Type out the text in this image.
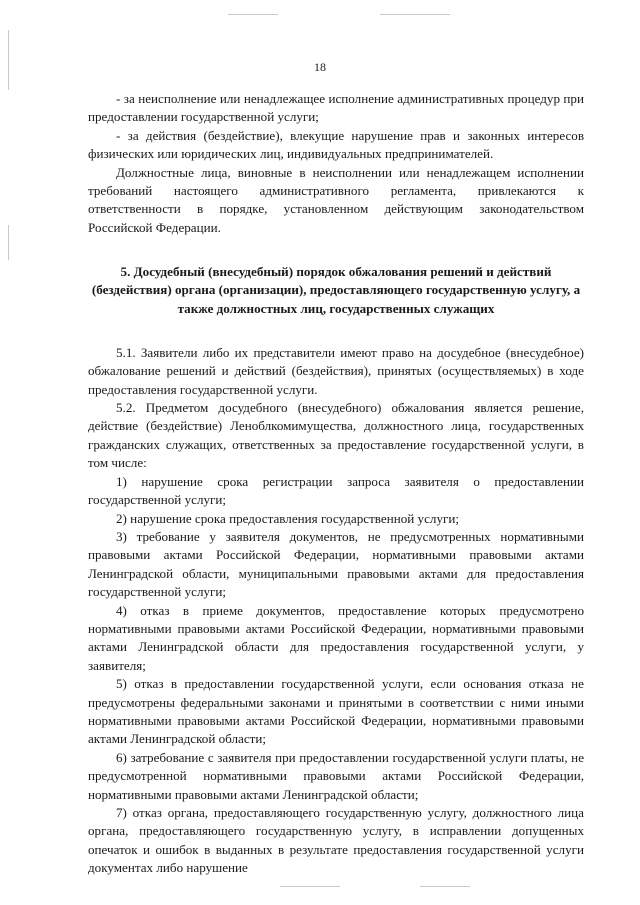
18

- за неисполнение или ненадлежащее исполнение административных процедур при предоставлении государственной услуги;

- за действия (бездействие), влекущие нарушение прав и законных интересов физических или юридических лиц, индивидуальных предпринимателей.

Должностные лица, виновные в неисполнении или ненадлежащем исполнении требований настоящего административного регламента, привлекаются к ответственности в порядке, установленном действующим законодательством Российской Федерации.

5. Досудебный (внесудебный) порядок обжалования решений и действий (бездействия) органа (организации), предоставляющего государственную услугу, а также должностных лиц, государственных служащих

5.1. Заявители либо их представители имеют право на досудебное (внесудебное) обжалование решений и действий (бездействия), принятых (осуществляемых) в ходе предоставления государственной услуги.

5.2. Предметом досудебного (внесудебного) обжалования является решение, действие (бездействие) Леноблкомимущества, должностного лица, государственных гражданских служащих, ответственных за предоставление государственной услуги, в том числе:

1) нарушение срока регистрации запроса заявителя о предоставлении государственной услуги;

2) нарушение срока предоставления государственной услуги;

3) требование у заявителя документов, не предусмотренных нормативными правовыми актами Российской Федерации, нормативными правовыми актами Ленинградской области, муниципальными правовыми актами для предоставления государственной услуги;

4) отказ в приеме документов, предоставление которых предусмотрено нормативными правовыми актами Российской Федерации, нормативными правовыми актами Ленинградской области для предоставления государственной услуги, у заявителя;

5) отказ в предоставлении государственной услуги, если основания отказа не предусмотрены федеральными законами и принятыми в соответствии с ними иными нормативными правовыми актами Российской Федерации, нормативными правовыми актами Ленинградской области;

6) затребование с заявителя при предоставлении государственной услуги платы, не предусмотренной нормативными правовыми актами Российской Федерации, нормативными правовыми актами Ленинградской области;

7) отказ органа, предоставляющего государственную услугу, должностного лица органа, предоставляющего государственную услугу, в исправлении допущенных опечаток и ошибок в выданных в результате предоставления государственной услуги документах либо нарушение
